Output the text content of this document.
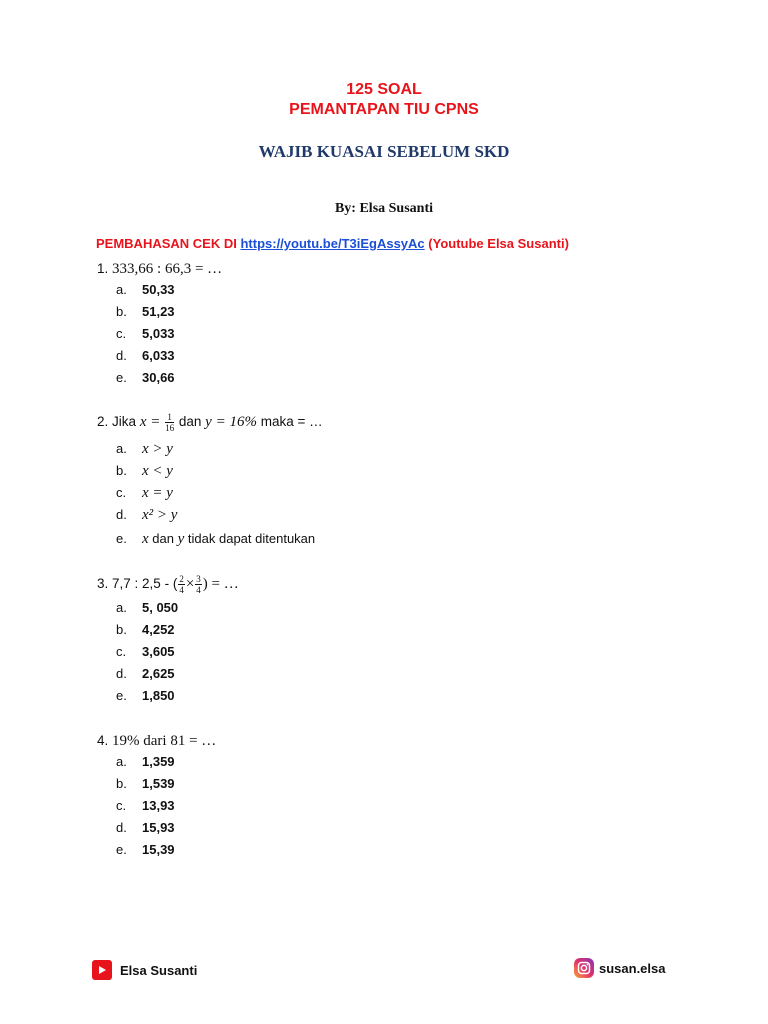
125 SOAL
PEMANTAPAN TIU CPNS
WAJIB KUASAI SEBELUM SKD
By: Elsa Susanti
PEMBAHASAN CEK DI https://youtu.be/T3iEgAssyAc (Youtube Elsa Susanti)
1. 333,66 : 66,3 = …
a. 50,33
b. 51,23
c. 5,033
d. 6,033
e. 30,66
2. Jika $x = \frac{1}{16}$ dan y = 16% maka = …
a. x > y
b. x < y
c. x = y
d. x² > y
e. x dan y tidak dapat ditentukan
3. 7,7 : 2,5 - ( $\frac{2}{4} \times \frac{3}{4}$ ) = …
a. 5, 050
b. 4,252
c. 3,605
d. 2,625
e. 1,850
4. 19% dari 81 = …
a. 1,359
b. 1,539
c. 13,93
d. 15,93
e. 15,39
Elsa Susanti	susan.elsa
